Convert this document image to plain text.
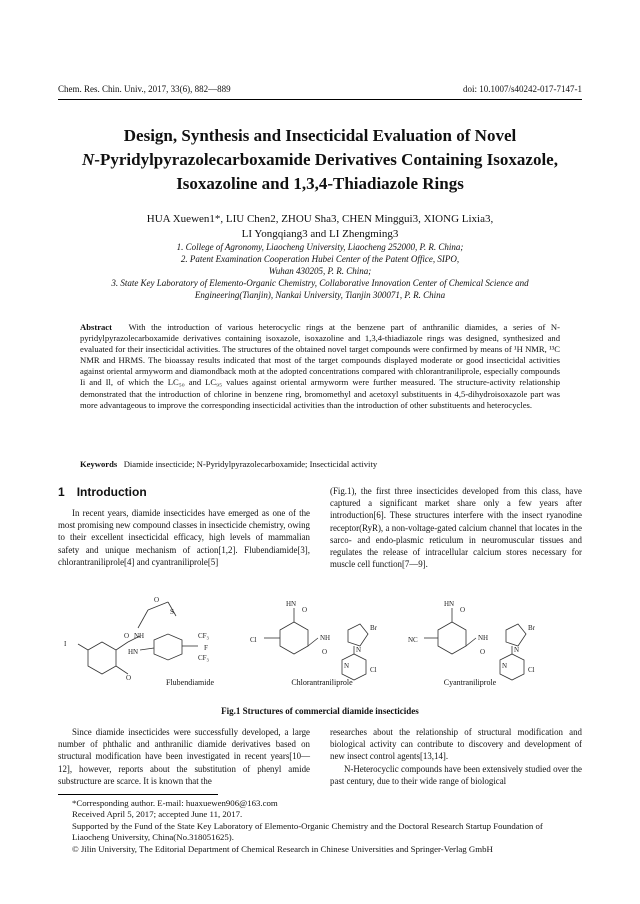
Chem. Res. Chin. Univ., 2017, 33(6), 882—889	doi: 10.1007/s40242-017-7147-1
Design, Synthesis and Insecticidal Evaluation of Novel
N-Pyridylpyrazolecarboxamide Derivatives Containing Isoxazole,
Isoxazoline and 1,3,4-Thiadiazole Rings
HUA Xuewen1*, LIU Chen2, ZHOU Sha3, CHEN Minggui3, XIONG Lixia3,
LI Yongqiang3 and LI Zhengming3
1. College of Agronomy, Liaocheng University, Liaocheng 252000, P. R. China;
2. Patent Examination Cooperation Hubei Center of the Patent Office, SIPO,
Wuhan 430205, P. R. China;
3. State Key Laboratory of Elemento-Organic Chemistry, Collaborative Innovation Center of Chemical Science and
Engineering(Tianjin), Nankai University, Tianjin 300071, P. R. China
Abstract With the introduction of various heterocyclic rings at the benzene part of anthranilic diamides, a series of N-pyridylpyrazolecarboxamide derivatives containing isoxazole, isoxazoline and 1,3,4-thiadiazole rings was designed, synthesized and evaluated for their insecticidal activities. The structures of the obtained novel target compounds were confirmed by means of ¹H NMR, ¹³C NMR and HRMS. The bioassay results indicated that most of the target compounds displayed moderate or good insecticidal activities against oriental armyworm and diamondback moth at the adopted concentrations compared with chlorantraniliprole, especially compounds Ii and Il, of which the LC₅₀ and LC₉₅ values against oriental armyworm were further measured. The structure-activity relationship demonstrated that the introduction of chlorine in benzene ring, bromomethyl and acetoxyl substituents in 4,5-dihydroisoxazole part was more advantageous to improve the corresponding insecticidal activities than the introduction of other substituents and heterocycles.
Keywords Diamide insecticide; N-Pyridylpyrazolecarboxamide; Insecticidal activity
1 Introduction

In recent years, diamide insecticides have emerged as one of the most promising new compound classes in insecticide chemistry, owing to their excellent insecticidal efficacy, high levels of mammalian safety and unique mechanism of action[1,2]. Flubendiamide[3], chlorantraniliprole[4] and cyantraniliprole[5]

(Fig.1), the first three insecticides developed from this class, have captured a significant market share only a few years after introduction[6]. These structures interfere with the insect ryanodine receptor(RyR), a non-voltage-gated calcium channel that locates in the sarco- and endo-plasmic reticulum in neuromuscular tissues and regulates the release of intracellular calcium stores necessary for muscle cell function[7—9].

I
O NH
HN
O
O
S
CF₃
F
CF₃
HN
O
Cl	NH
O
Br
N
N	Cl
HN
O
NC	NH
O
Br
N
N	Cl
Flubendiamide	Chlorantraniliprole	Cyantraniliprole
Fig.1 Structures of commercial diamide insecticides

Since diamide insecticides were successfully developed, a large number of phthalic and anthranilic diamide derivatives based on structural modification have been investigated in recent years[10—12], however, reports about the substitution of phenyl amide substructure are scarce. It is known that the

researches about the relationship of structural modification and biological activity can contribute to discovery and development of new insect control agents[13,14].

N-Heterocyclic compounds have been extensively studied over the past century, due to their wide range of biological

*Corresponding author. E-mail: huaxuewen906@163.com

Received April 5, 2017; accepted June 11, 2017.

Supported by the Fund of the State Key Laboratory of Elemento-Organic Chemistry and the Doctoral Research Startup Foundation of Liaocheng University, China(No.318051625).

© Jilin University, The Editorial Department of Chemical Research in Chinese Universities and Springer-Verlag GmbH
